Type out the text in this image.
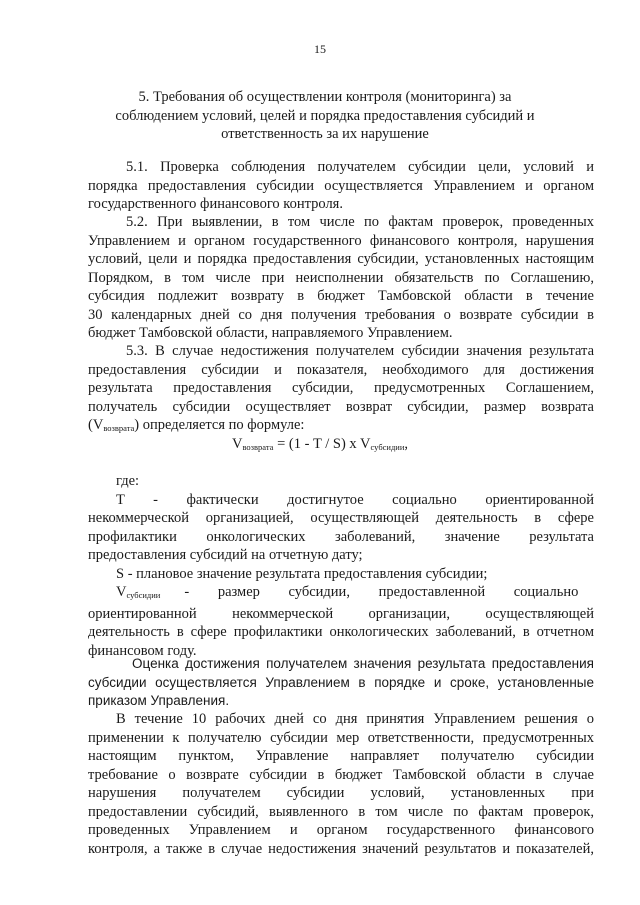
15
5. Требования об осуществлении контроля (мониторинга) за
соблюдением условий, целей и порядка предоставления субсидий и
ответственность за их нарушение
5.1. Проверка соблюдения получателем субсидии цели, условий и
порядка предоставления субсидии осуществляется Управлением и органом
государственного финансового контроля.
5.2. При выявлении, в том числе по фактам проверок, проведенных
Управлением и органом государственного финансового контроля, нарушения
условий, цели и порядка предоставления субсидии, установленных настоящим
Порядком, в том числе при неисполнении обязательств по Соглашению,
субсидия подлежит возврату в бюджет Тамбовской области в течение
30 календарных дней со дня получения требования о возврате субсидии в
бюджет Тамбовской области, направляемого Управлением.
5.3. В случае недостижения получателем субсидии значения результата
предоставления субсидии и показателя, необходимого для достижения
результата предоставления субсидии, предусмотренных Соглашением,
получатель субсидии осуществляет возврат субсидии, размер возврата
$(V_{возврата})$ определяется по формуле:
$V_{возврата} = (1 - T / S)$ x $V_{субсидии}$,
где:
T - фактически достигнутое социально ориентированной
некоммерческой организацией, осуществляющей деятельность в сфере
профилактики онкологических заболеваний, значение результата
предоставления субсидий на отчетную дату;
S - плановое значение результата предоставления субсидии;
$V_{субсидии}$ - размер субсидии, предоставленной социально
ориентированной некоммерческой организации, осуществляющей
деятельность в сфере профилактики онкологических заболеваний, в отчетном
финансовом году.
Оценка достижения получателем значения результата предоставления
субсидии осуществляется Управлением в порядке и сроке, установленные
приказом Управления.
В течение 10 рабочих дней со дня принятия Управлением решения о
применении к получателю субсидии мер ответственности, предусмотренных
настоящим пунктом, Управление направляет получателю субсидии
требование о возврате субсидии в бюджет Тамбовской области в случае
нарушения получателем субсидии условий, установленных при
предоставлении субсидий, выявленного в том числе по фактам проверок,
проведенных Управлением и органом государственного финансового
контроля, а также в случае недостижения значений результатов и показателей,
